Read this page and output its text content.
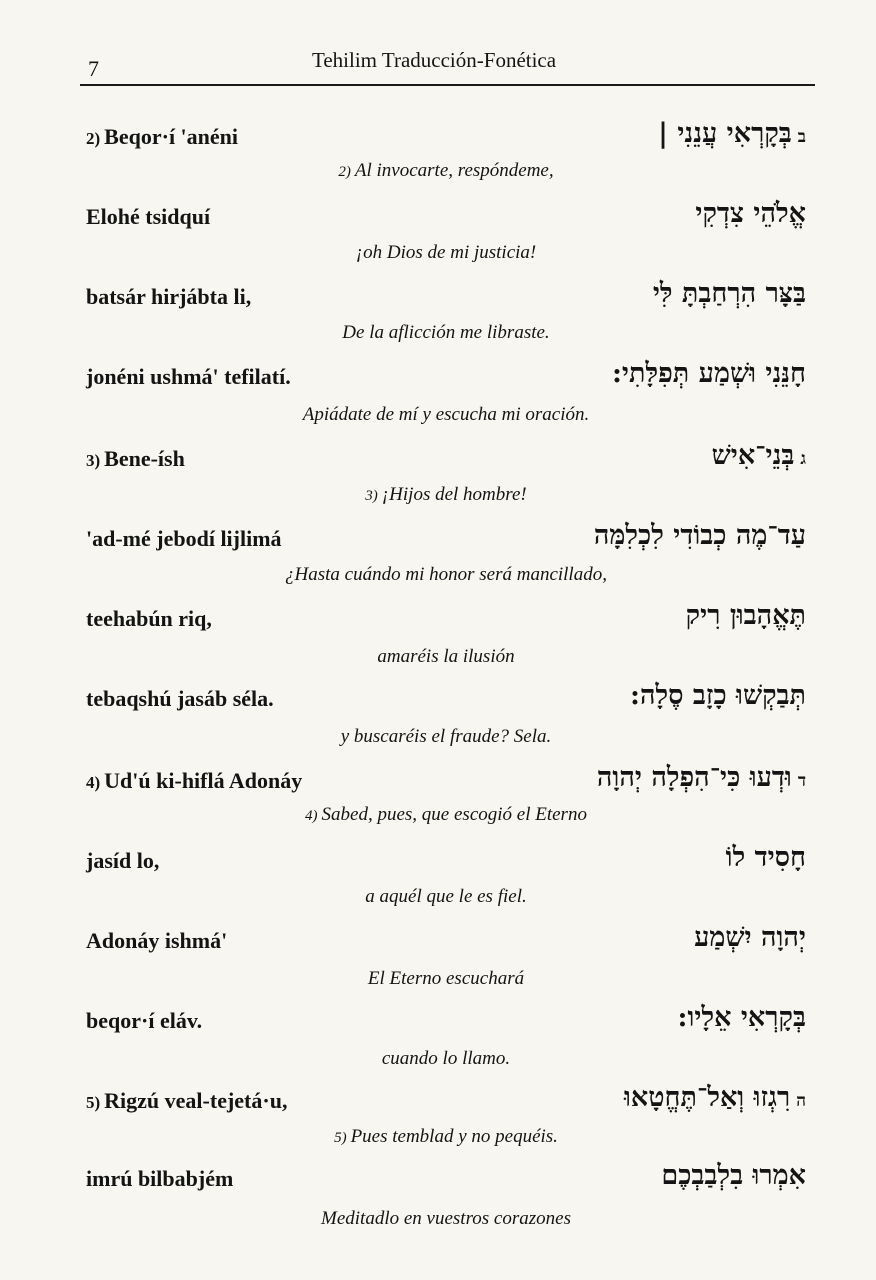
7	Tehilim Traducción-Fonética
2) Beqor·í 'anéni	בבְּקָרְאִי עֲנֵנִי |
2) Al invocarte, respóndeme,
Elohé tsidquí	אֱלֹהֵי צִדְקִי
¡oh Dios de mi justicia!
batsár hirjábta li,	בַּצָּר הִרְחַבְתָּ לִּי
De la aflicción me libraste.
jonéni ushmá' tefilatí.	חָנֵּנִי וּשְׁמַע תְּפִלָּתִי:
Apiádate de mí y escucha mi oración.
3) Bene-ísh	גבְּנֵי־אִישׁ
3) ¡Hijos del hombre!
'ad-mé jebodí lijlimá	עַד־מֶה כְבוֹדִי לִכְלִמָּה
¿Hasta cuándo mi honor será mancillado,
teehabún riq,	תֶּאֱהָבוּן רִיק
amaréis la ilusión
tebaqshú jasáb séla.	תְּבַקְשׁוּ כָזָב סֶלָה:
y buscaréis el fraude? Sela.
4) Ud'ú ki-hiflá Adonáy	דוּדְעוּ כִּי־הִפְלָה יְהוָה
4) Sabed, pues, que escogió el Eterno
jasíd lo,	חָסִיד לוֹ
a aquél que le es fiel.
Adonáy ishmá'	יְהוָה יִשְׁמַע
El Eterno escuchará
beqor·í eláv.	בְּקָרְאִי אֵלָיו:
cuando lo llamo.
5) Rigzú veal-tejetá·u,	הרִגְזוּ וְאַל־תֶּחֱטָאוּ
5) Pues temblad y no pequéis.
imrú bilbabjém	אִמְרוּ בִלְבַבְכֶם
Meditadlo en vuestros corazones
